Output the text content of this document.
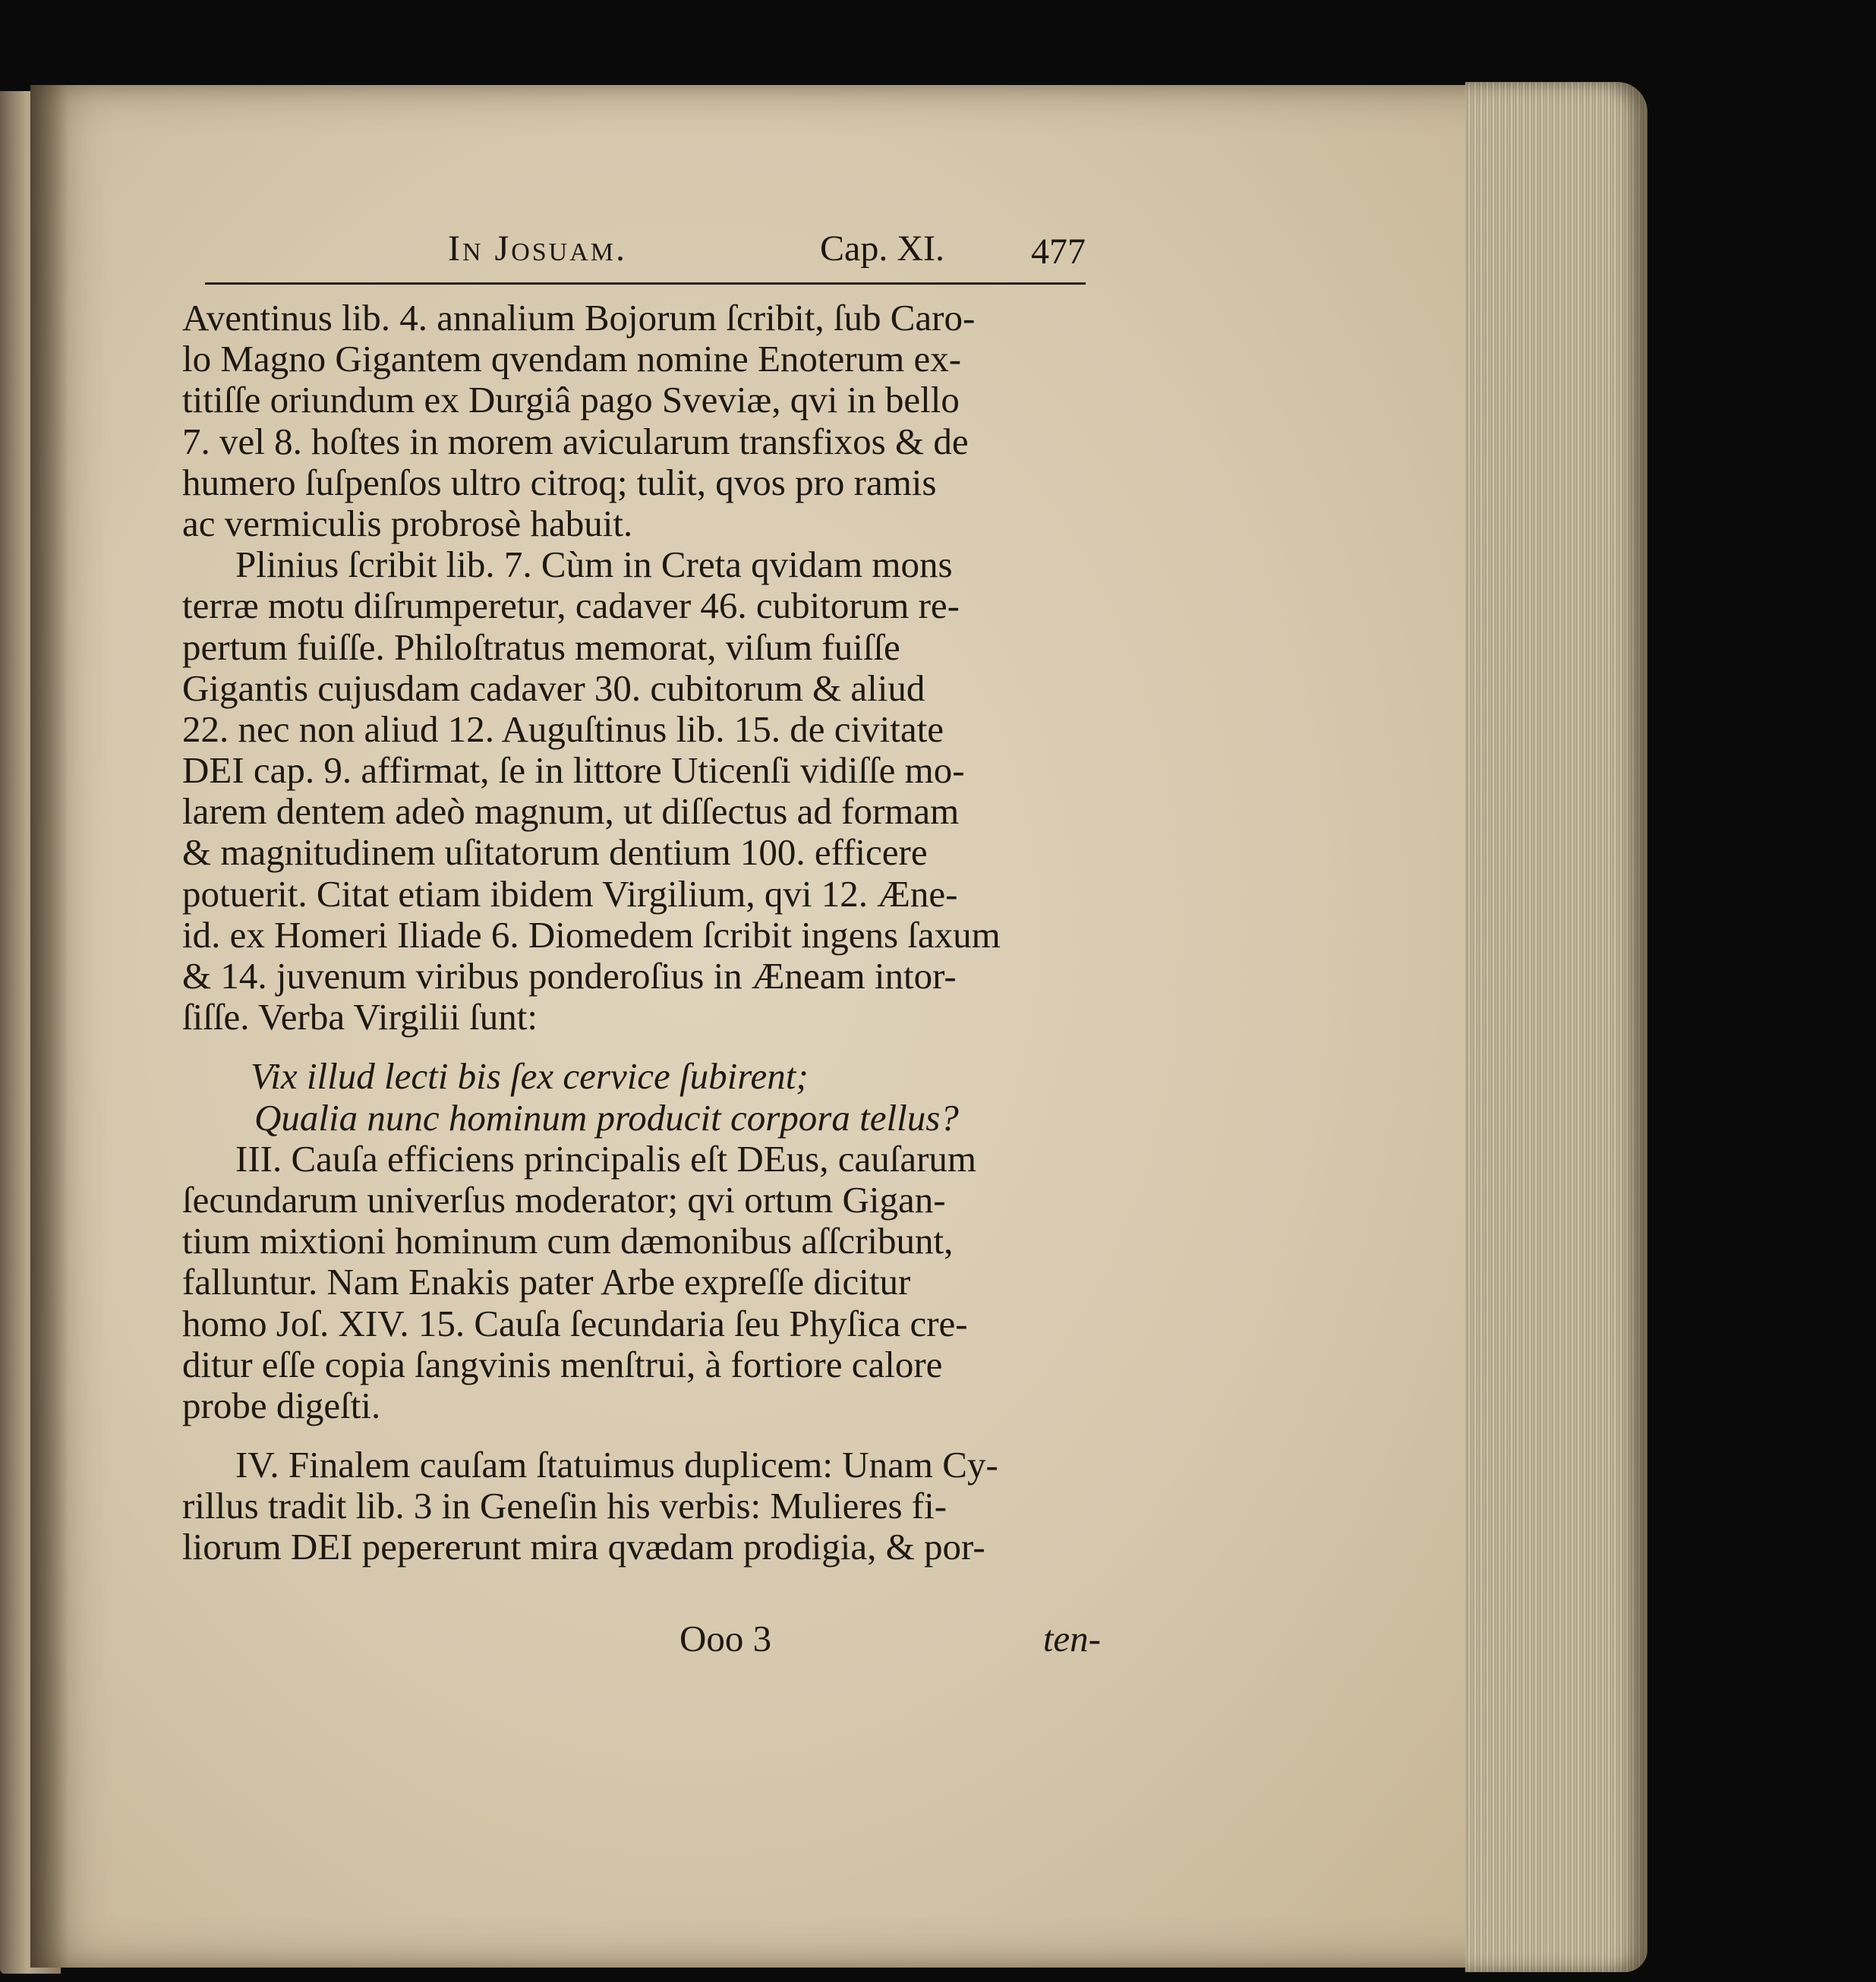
In Josuam.	Cap. XI. 477
Aventinus lib. 4. annalium Bojorum ſcribit, ſub Caro-
lo Magno Gigantem qvendam nomine Enoterum ex-
titiſſe oriundum ex Durgiâ pago Sveviæ, qvi in bello
7. vel 8. hoſtes in morem avicularum transfixos & de
humero ſuſpenſos ultro citroq; tulit, qvos pro ramis
ac vermiculis probrosè habuit.
Plinius ſcribit lib. 7. Cùm in Creta qvidam mons
terræ motu diſrumperetur, cadaver 46. cubitorum re-
pertum fuiſſe. Philoſtratus memorat, viſum fuiſſe
Gigantis cujusdam cadaver 30. cubitorum & aliud
22. nec non aliud 12. Auguſtinus lib. 15. de civitate
DEI cap. 9. affirmat, ſe in littore Uticenſi vidiſſe mo-
larem dentem adeò magnum, ut diſſectus ad formam
& magnitudinem uſitatorum dentium 100. efficere
potuerit. Citat etiam ibidem Virgilium, qvi 12. Æne-
id. ex Homeri Iliade 6. Diomedem ſcribit ingens ſaxum
& 14. juvenum viribus ponderoſius in Æneam intor-
ſiſſe. Verba Virgilii ſunt:
Vix illud lecti bis ſex cervice ſubirent;
Qualia nunc hominum producit corpora tellus?
III. Cauſa efficiens principalis eſt DEus, cauſarum
ſecundarum univerſus moderator; qvi ortum Gigan-
tium mixtioni hominum cum dæmonibus aſſcribunt,
falluntur. Nam Enakis pater Arbe expreſſe dicitur
homo Joſ. XIV. 15. Cauſa ſecundaria ſeu Phyſica cre-
ditur eſſe copia ſangvinis menſtrui, à fortiore calore
probe digeſti.
IV. Finalem cauſam ſtatuimus duplicem: Unam Cy-
rillus tradit lib. 3 in Geneſin his verbis: Mulieres fi-
liorum DEI pepererunt mira qvædam prodigia, & por-
Ooo 3	ten-
